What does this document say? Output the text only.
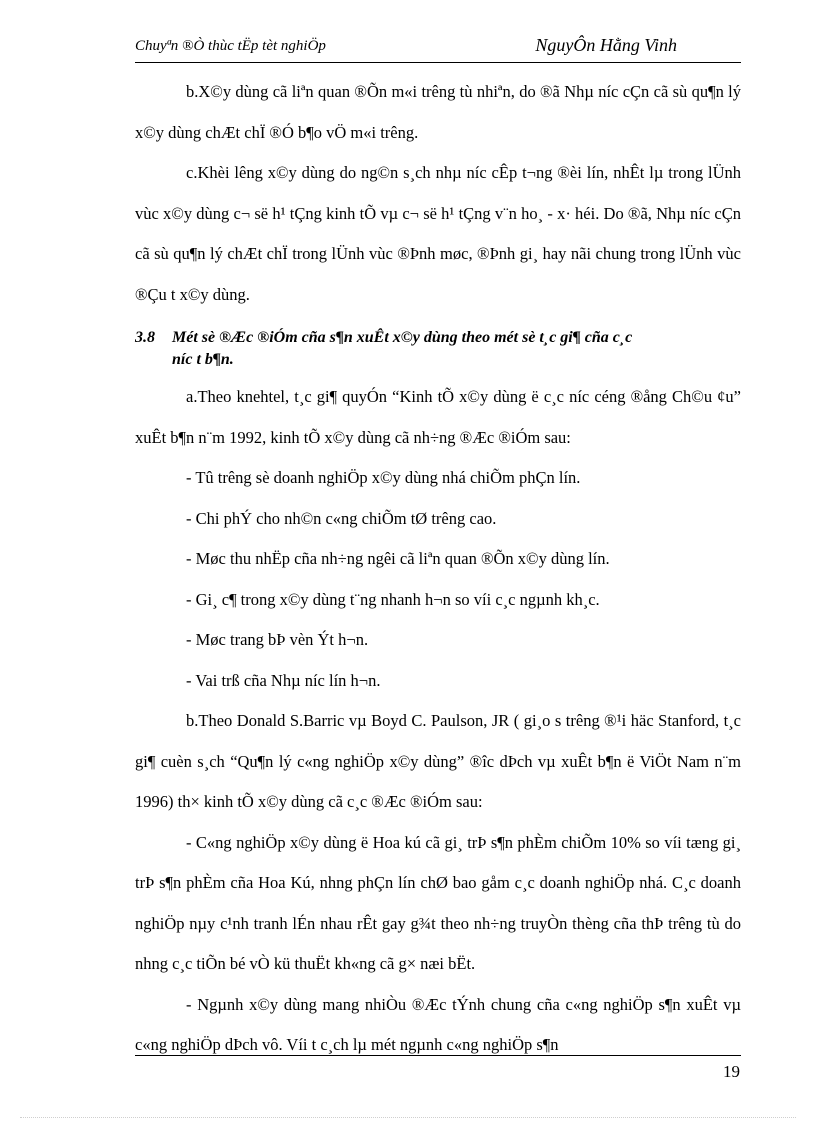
Chuyªn ®Ò thùc tËp tèt nghiÖp	NguyÔn Hằng Vinh

b.X©y dùng cã liªn quan ®Õn m«i trêng tù nhiªn, do ®ã Nhµ níc cÇn cã sù qu¶n lý x©y dùng chÆt chÏ ®Ó b¶o vÖ m«i trêng.

c.Khèi lêng x©y dùng do ng©n s¸ch nhµ níc cÊp t¬ng ®èi lín, nhÊt lµ trong lÜnh vùc x©y dùng c¬ së h¹ tÇng kinh tÕ vµ c¬ së h¹ tÇng v¨n ho¸ - x· héi. Do ®ã, Nhµ níc cÇn cã sù qu¶n lý chÆt chÏ trong lÜnh vùc ®Þnh møc, ®Þnh gi¸ hay nãi chung trong lÜnh vùc ®Çu t x©y dùng.

3.8 Mét sè ®Æc ®iÓm cña s¶n xuÊt x©y dùng theo mét sè t¸c gi¶ cña c¸c
níc t b¶n.

a.Theo knehtel, t¸c gi¶ quyÓn “Kinh tÕ x©y dùng ë c¸c níc céng ®ång Ch©u ¢u” xuÊt b¶n n¨m 1992, kinh tÕ x©y dùng cã nh÷ng ®Æc ®iÓm sau:

- Tû trêng sè doanh nghiÖp x©y dùng nhá chiÕm phÇn lín.

- Chi phÝ cho nh©n c«ng chiÕm tØ trêng cao.

- Møc thu nhËp cña nh÷ng ngêi cã liªn quan ®Õn x©y dùng lín.

- Gi¸ c¶ trong x©y dùng t¨ng nhanh h¬n so víi c¸c ngµnh kh¸c.

- Møc trang bÞ vèn Ýt h¬n.

- Vai trß cña Nhµ níc lín h¬n.

b.Theo Donald S.Barric vµ Boyd C. Paulson, JR ( gi¸o s trêng ®¹i häc Stanford, t¸c gi¶ cuèn s¸ch “Qu¶n lý c«ng nghiÖp x©y dùng” ®îc dÞch vµ xuÊt b¶n ë ViÖt Nam n¨m 1996) th× kinh tÕ x©y dùng cã c¸c ®Æc ®iÓm sau:

- C«ng nghiÖp x©y dùng ë Hoa kú cã gi¸ trÞ s¶n phÈm chiÕm 10% so víi tæng gi¸ trÞ s¶n phÈm cña Hoa Kú, nhng phÇn lín chØ bao gåm c¸c doanh nghiÖp nhá. C¸c doanh nghiÖp nµy c¹nh tranh lÉn nhau rÊt gay g¾t theo nh÷ng truyÒn thèng cña thÞ trêng tù do nhng c¸c tiÕn bé vÒ kü thuËt kh«ng cã g× næi bËt.

- Ngµnh x©y dùng mang nhiÒu ®Æc tÝnh chung cña c«ng nghiÖp s¶n xuÊt vµ c«ng nghiÖp dÞch vô. Víi t c¸ch lµ mét ngµnh c«ng nghiÖp s¶n

19
